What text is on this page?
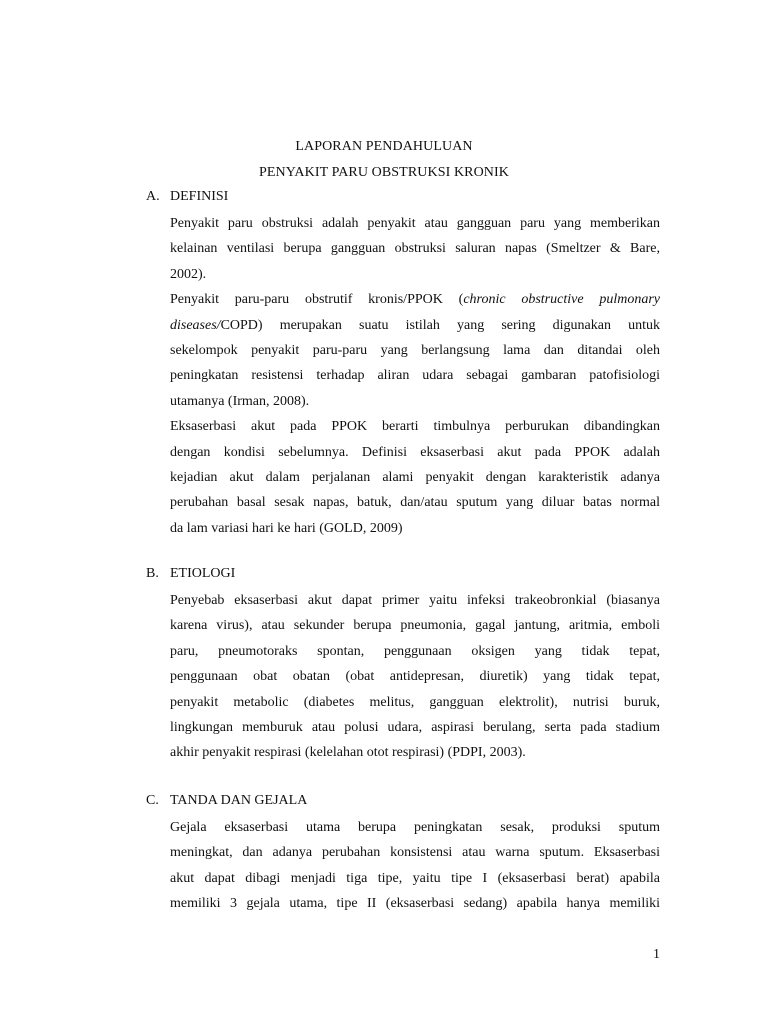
LAPORAN PENDAHULUAN
PENYAKIT PARU OBSTRUKSI KRONIK
A. DEFINISI
Penyakit paru obstruksi adalah penyakit atau gangguan paru yang memberikan
kelainan ventilasi berupa gangguan obstruksi saluran napas (Smeltzer & Bare,
2002).
Penyakit paru-paru obstrutif kronis/PPOK (chronic obstructive pulmonary
diseases/COPD) merupakan suatu istilah yang sering digunakan untuk
sekelompok penyakit paru-paru yang berlangsung lama dan ditandai oleh
peningkatan resistensi terhadap aliran udara sebagai gambaran patofisiologi
utamanya (Irman, 2008).
Eksaserbasi akut pada PPOK berarti timbulnya perburukan dibandingkan
dengan kondisi sebelumnya. Definisi eksaserbasi akut pada PPOK adalah
kejadian akut dalam perjalanan alami penyakit dengan karakteristik adanya
perubahan basal sesak napas, batuk, dan/atau sputum yang diluar batas normal
da lam variasi hari ke hari (GOLD, 2009)
B. ETIOLOGI
Penyebab eksaserbasi akut dapat primer yaitu infeksi trakeobronkial (biasanya
karena virus), atau sekunder berupa pneumonia, gagal jantung, aritmia, emboli
paru, pneumotoraks spontan, penggunaan oksigen yang tidak tepat,
penggunaan obat obatan (obat antidepresan, diuretik) yang tidak tepat,
penyakit metabolic (diabetes melitus, gangguan elektrolit), nutrisi buruk,
lingkungan memburuk atau polusi udara, aspirasi berulang, serta pada stadium
akhir penyakit respirasi (kelelahan otot respirasi) (PDPI, 2003).
C. TANDA DAN GEJALA
Gejala eksaserbasi utama berupa peningkatan sesak, produksi sputum
meningkat, dan adanya perubahan konsistensi atau warna sputum. Eksaserbasi
akut dapat dibagi menjadi tiga tipe, yaitu tipe I (eksaserbasi berat) apabila
memiliki 3 gejala utama, tipe II (eksaserbasi sedang) apabila hanya memiliki
1
